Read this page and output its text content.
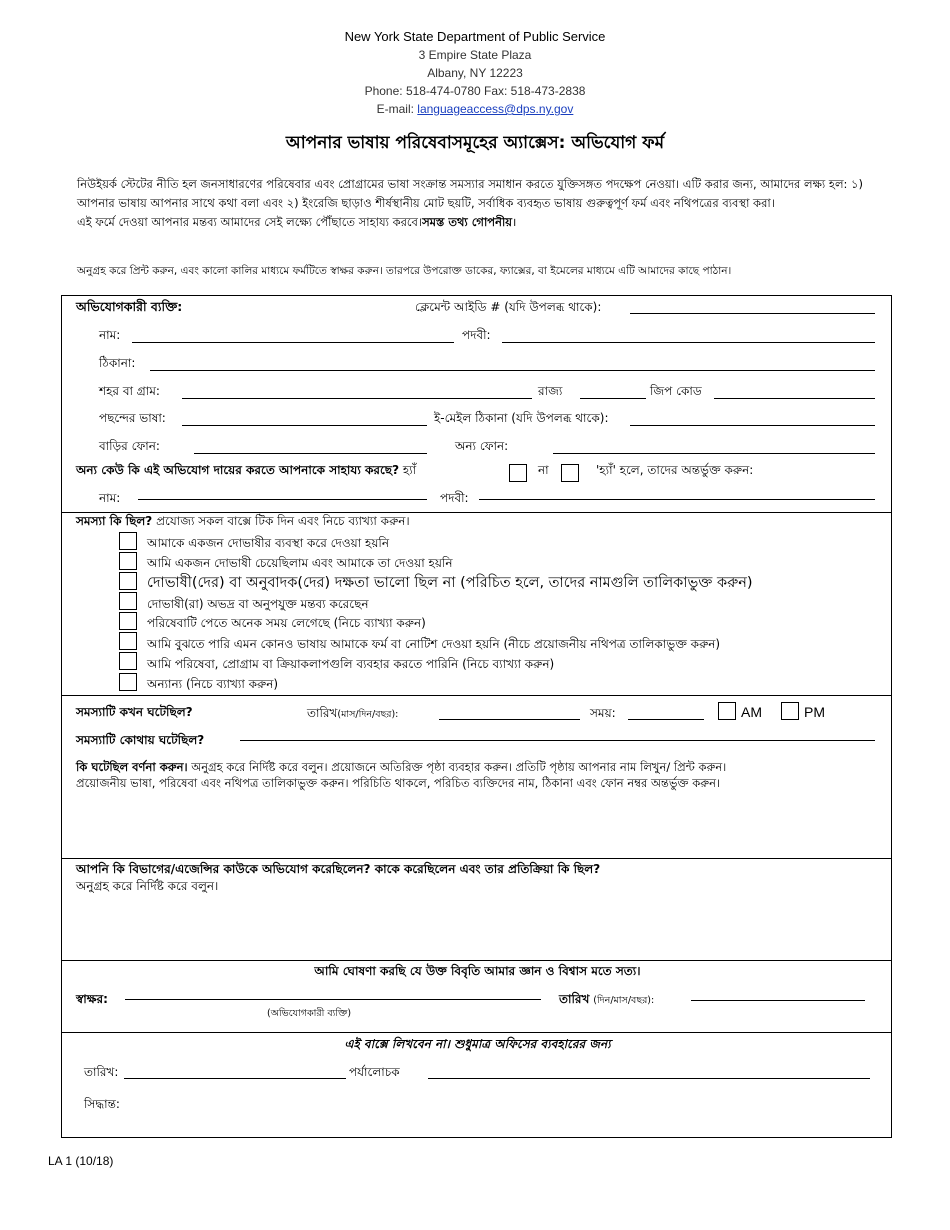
New York State Department of Public Service
3 Empire State Plaza
Albany, NY 12223
Phone: 518-474-0780 Fax: 518-473-2838
E-mail: languageaccess@dps.ny.gov
আপনার ভাষায় পরিষেবাসমূহের অ্যাক্সেস: অভিযোগ ফর্ম
নিউইয়র্ক স্টেটের নীতি হল জনসাধারণের পরিষেবার এবং প্রোগ্রামের ভাষা সংক্রান্ত সমস্যার সমাধান করতে যুক্তিসঙ্গত পদক্ষেপ নেওয়া। এটি করার জন্য, আমাদের লক্ষ্য হল: ১) আপনার ভাষায় আপনার সাথে কথা বলা এবং ২) ইংরেজি ছাড়াও শীর্ষস্থানীয় মোট ছয়টি, সর্বাধিক ব্যবহৃত ভাষায় গুরুত্বপূর্ণ ফর্ম এবং নথিপত্রের ব্যবস্থা করা।
এই ফর্মে দেওয়া আপনার মন্তব্য আমাদের সেই লক্ষ্যে পৌঁছাতে সাহায্য করবে।সমস্ত তথ্য গোপনীয়।
অনুগ্রহ করে প্রিন্ট করুন, এবং কালো কালির মাধ্যমে ফর্মটিতে স্বাক্ষর করুন। তারপরে উপরোক্ত ডাকের, ফ্যাক্সের, বা ইমেলের মাধ্যমে এটি আমাদের কাছে পাঠান।
অভিযোগকারী ব্যক্তি:	ক্লেমেন্ট আইডি # (যদি উপলব্ধ থাকে):
নাম:	পদবী:
ঠিকানা:
শহর বা গ্রাম:	রাজ্য	জিপ কোড
পছন্দের ভাষা:	ই-মেইল ঠিকানা (যদি উপলব্ধ থাকে):
বাড়ির ফোন:	অন্য ফোন:
অন্য কেউ কি এই অভিযোগ দায়ের করতে আপনাকে সাহায্য করছে? হ্যাঁ	না	'হ্যাঁ' হলে, তাদের অন্তর্ভুক্ত করুন:
নাম:	পদবী:
সমস্যা কি ছিল? প্রযোজ্য সকল বাক্সে টিক দিন এবং নিচে ব্যাখ্যা করুন।
আমাকে একজন দোভাষীর ব্যবস্থা করে দেওয়া হয়নি
আমি একজন দোভাষী চেয়েছিলাম এবং আমাকে তা দেওয়া হয়নি
দোভাষী(দের) বা অনুবাদক(দের) দক্ষতা ভালো ছিল না (পরিচিত হলে, তাদের নামগুলি তালিকাভুক্ত করুন)
দোভাষী(রা) অভদ্র বা অনুপযুক্ত মন্তব্য করেছেন
পরিষেবাটি পেতে অনেক সময় লেগেছে (নিচে ব্যাখ্যা করুন)
আমি বুঝতে পারি এমন কোনও ভাষায় আমাকে ফর্ম বা নোটিশ দেওয়া হয়নি (নীচে প্রয়োজনীয় নথিপত্র তালিকাভুক্ত করুন)
আমি পরিষেবা, প্রোগ্রাম বা ক্রিয়াকলাপগুলি ব্যবহার করতে পারিনি (নিচে ব্যাখ্যা করুন)
অন্যান্য (নিচে ব্যাখ্যা করুন)
সমস্যাটি কখন ঘটেছিল?	তারিখ(মাস/দিন/বছর):	সময়:	AM	PM
সমস্যাটি কোথায় ঘটেছিল?
কি ঘটেছিল বর্ণনা করুন। অনুগ্রহ করে নির্দিষ্ট করে বলুন। প্রয়োজনে অতিরিক্ত পৃষ্ঠা ব্যবহার করুন। প্রতিটি পৃষ্ঠায় আপনার নাম লিখুন/ প্রিন্ট করুন।
প্রয়োজনীয় ভাষা, পরিষেবা এবং নথিপত্র তালিকাভুক্ত করুন। পরিচিতি থাকলে, পরিচিত ব্যক্তিদের নাম, ঠিকানা এবং ফোন নম্বর অন্তর্ভুক্ত করুন।
আপনি কি বিভাগের/এজেন্সির কাউকে অভিযোগ করেছিলেন? কাকে করেছিলেন এবং তার প্রতিক্রিয়া কি ছিল?
অনুগ্রহ করে নির্দিষ্ট করে বলুন।
আমি ঘোষণা করছি যে উক্ত বিবৃতি আমার জ্ঞান ও বিশ্বাস মতে সত্য।
স্বাক্ষর:
(অভিযোগকারী ব্যক্তি)
তারিখ (দিন/মাস/বছর):
এই বাক্সে লিখবেন না। শুধুমাত্র অফিসের ব্যবহারের জন্য
তারিখ:	পর্যালোচক
সিদ্ধান্ত:
LA 1 (10/18)
